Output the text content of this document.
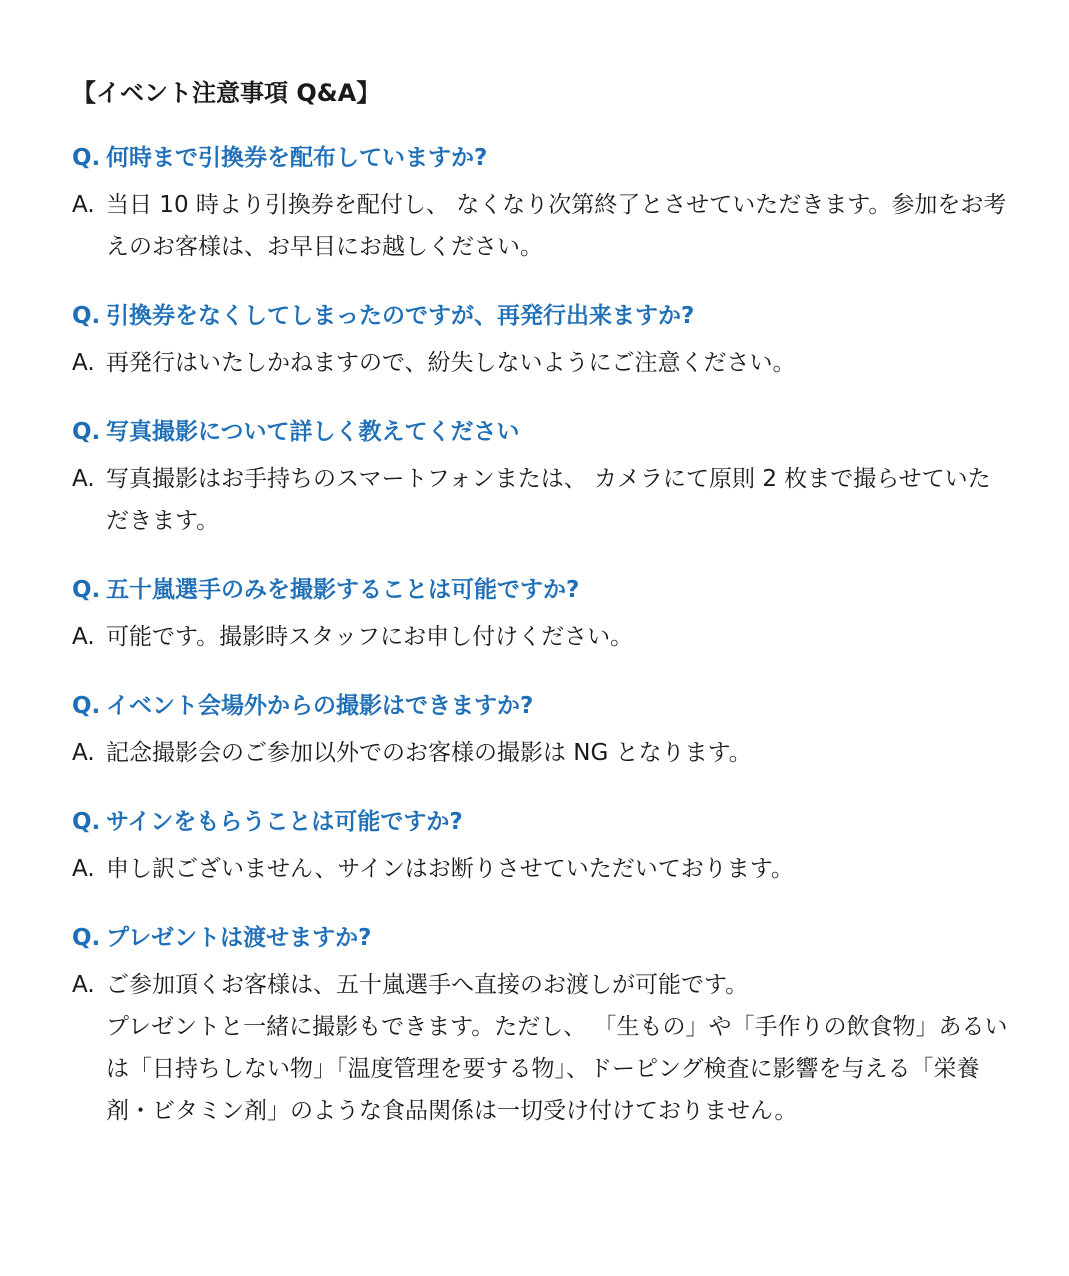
【イベント注意事項 Q&A】
Q. 何時まで引換券を配布していますか?
A. 当日 10 時より引換券を配付し、 なくなり次第終了とさせていただきます。参加をお考えのお客様は、お早目にお越しください。
Q. 引換券をなくしてしまったのですが、再発行出来ますか?
A. 再発行はいたしかねますので、紛失しないようにご注意ください。
Q. 写真撮影について詳しく教えてください
A. 写真撮影はお手持ちのスマートフォンまたは、 カメラにて原則 2 枚まで撮らせていただきます。
Q. 五十嵐選手のみを撮影することは可能ですか?
A. 可能です。撮影時スタッフにお申し付けください。
Q. イベント会場外からの撮影はできますか?
A. 記念撮影会のご参加以外でのお客様の撮影は NG となります。
Q. サインをもらうことは可能ですか?
A. 申し訳ございません、サインはお断りさせていただいております。
Q. プレゼントは渡せますか?
A. ご参加頂くお客様は、五十嵐選手へ直接のお渡しが可能です。
プレゼントと一緒に撮影もできます。ただし、 「生もの」や「手作りの飲食物」あるいは「日持ちしない物」「温度管理を要する物」、ドーピング検査に影響を与える「栄養剤・ビタミン剤」のような食品関係は一切受け付けておりません。
